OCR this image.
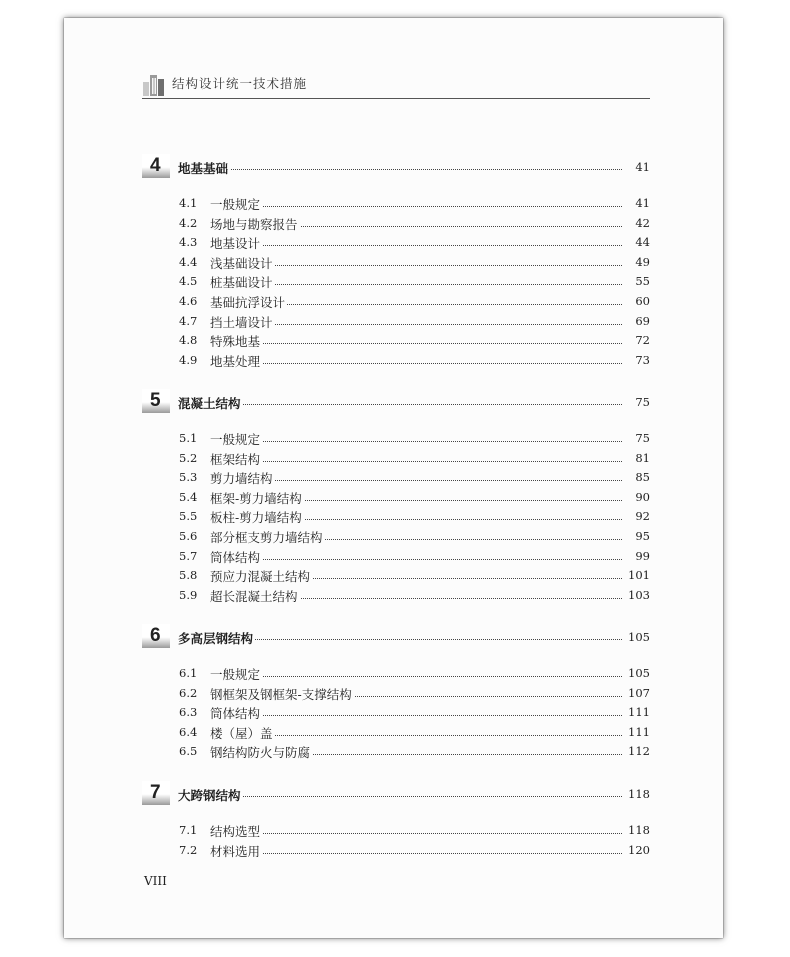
结构设计统一技术措施
4 地基基础	41
4.1 一般规定	41
4.2 场地与勘察报告	42
4.3 地基设计	44
4.4 浅基础设计	49
4.5 桩基础设计	55
4.6 基础抗浮设计	60
4.7 挡土墙设计	69
4.8 特殊地基	72
4.9 地基处理	73
5 混凝土结构	75
5.1 一般规定	75
5.2 框架结构	81
5.3 剪力墙结构	85
5.4 框架-剪力墙结构	90
5.5 板柱-剪力墙结构	92
5.6 部分框支剪力墙结构	95
5.7 筒体结构	99
5.8 预应力混凝土结构	101
5.9 超长混凝土结构	103
6 多高层钢结构	105
6.1 一般规定	105
6.2 钢框架及钢框架-支撑结构	107
6.3 筒体结构	111
6.4 楼（屋）盖	111
6.5 钢结构防火与防腐	112
7 大跨钢结构	118
7.1 结构选型	118
7.2 材料选用	120
VIII
